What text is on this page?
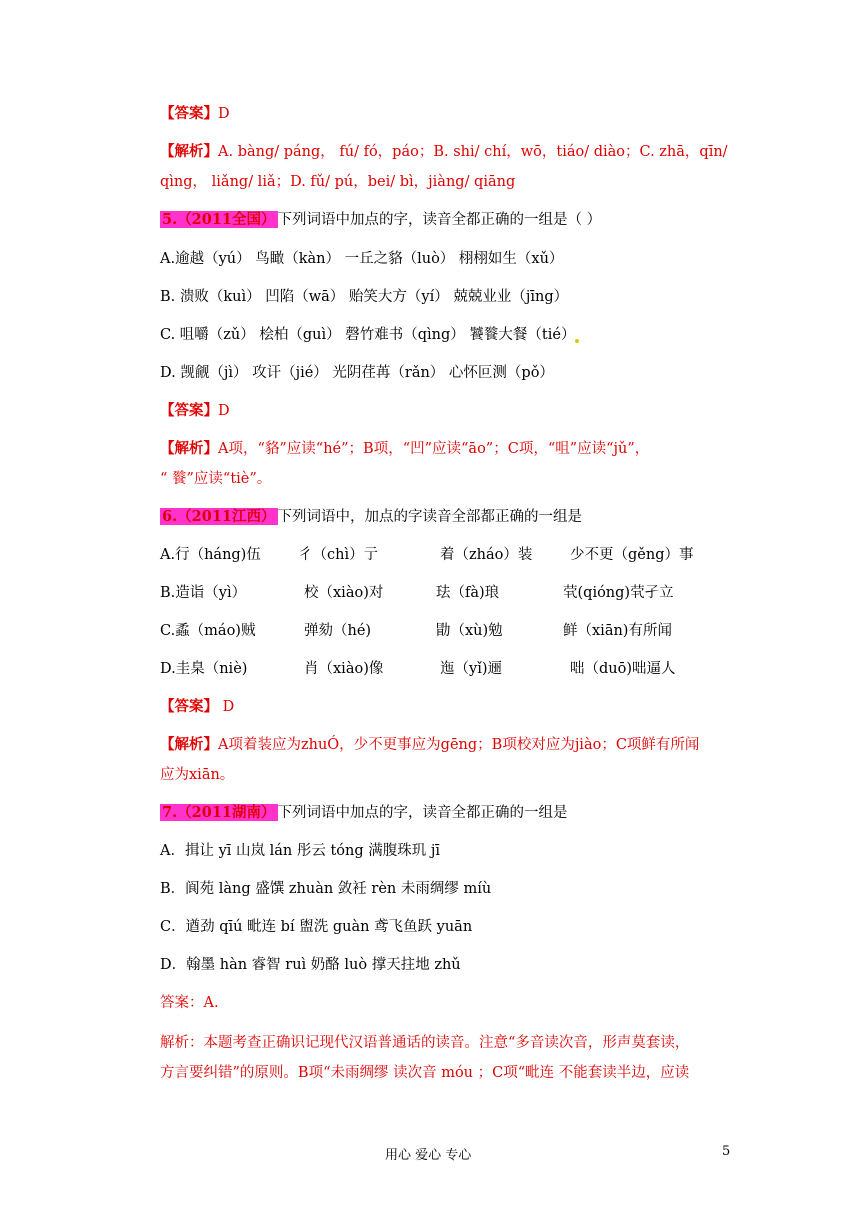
【答案】D
【解析】A. bàng/ páng， fú/ fó，páo；B. shi/ chí，wō，tiáo/ diào；C. zhā，qīn/
qìng， liǎng/ liǎ；D. fǔ/ pú，bei/ bì，jiàng/ qiāng
5.（2011全国） 下列词语中加点的字，读音全都正确的一组是（ ）
A.逾越（yú） 鸟瞰（kàn） 一丘之貉（luò） 栩栩如生（xǔ）
B. 溃败（kuì） 凹陷（wā） 贻笑大方（yí） 兢兢业业（jīng）
C. 咀嚼（zǔ） 桧柏（guì） 磬竹难书（qìng） 饕餮大餐（tié）
D. 觊觎（jì） 攻讦（jié） 光阴荏苒（rǎn） 心怀叵测（pǒ）
【答案】D
【解析】A项，“貉”应读“hé”；B项，“凹”应读“āo”；C项，“咀”应读“jǔ”，
“ 餮”应读“tiè”。
6.（2011江西） 下列词语中，加点的字读音全部都正确的一组是
A.行（háng)伍	彳（chì）亍	着（zháo）装	少不更（gěng）事
B.造诣（yì）	校（xiào)对	珐（fà)琅	茕(qióng)茕孑立
C.蟊（máo)贼	弹劾（hé)	勖（xù)勉	鲜（xiān)有所闻
D.圭臬（niè)	肖（xiào)像	迤（yǐ)逦	咄（duō)咄逼人
【答案】 D
【解析】A项着装应为zhuÓ，少不更事应为gēng；B项校对应为jiào；C项鲜有所闻
应为xiān。
7.（2011湖南） 下列词语中加点的字，读音全都正确的一组是
A．揖让 yī 山岚 lán 彤云 tóng 满腹珠玑 jī
B．阆苑 làng 盛馔 zhuàn 敛衽 rèn 未雨绸缪 míù
C．遒劲 qīú 毗连 bí 盥洗 guàn 鸢飞鱼跃 yuān
D．翰墨 hàn 睿智 ruì 奶酪 luò 撑天拄地 zhǔ
答案：A.
解析：本题考查正确识记现代汉语普通话的读音。注意“多音读次音，形声莫套读，
方言要纠错”的原则。B项“未雨绸缪 读次音 móu ；C项“毗连 不能套读半边，应读
用心 爱心 专心	5
